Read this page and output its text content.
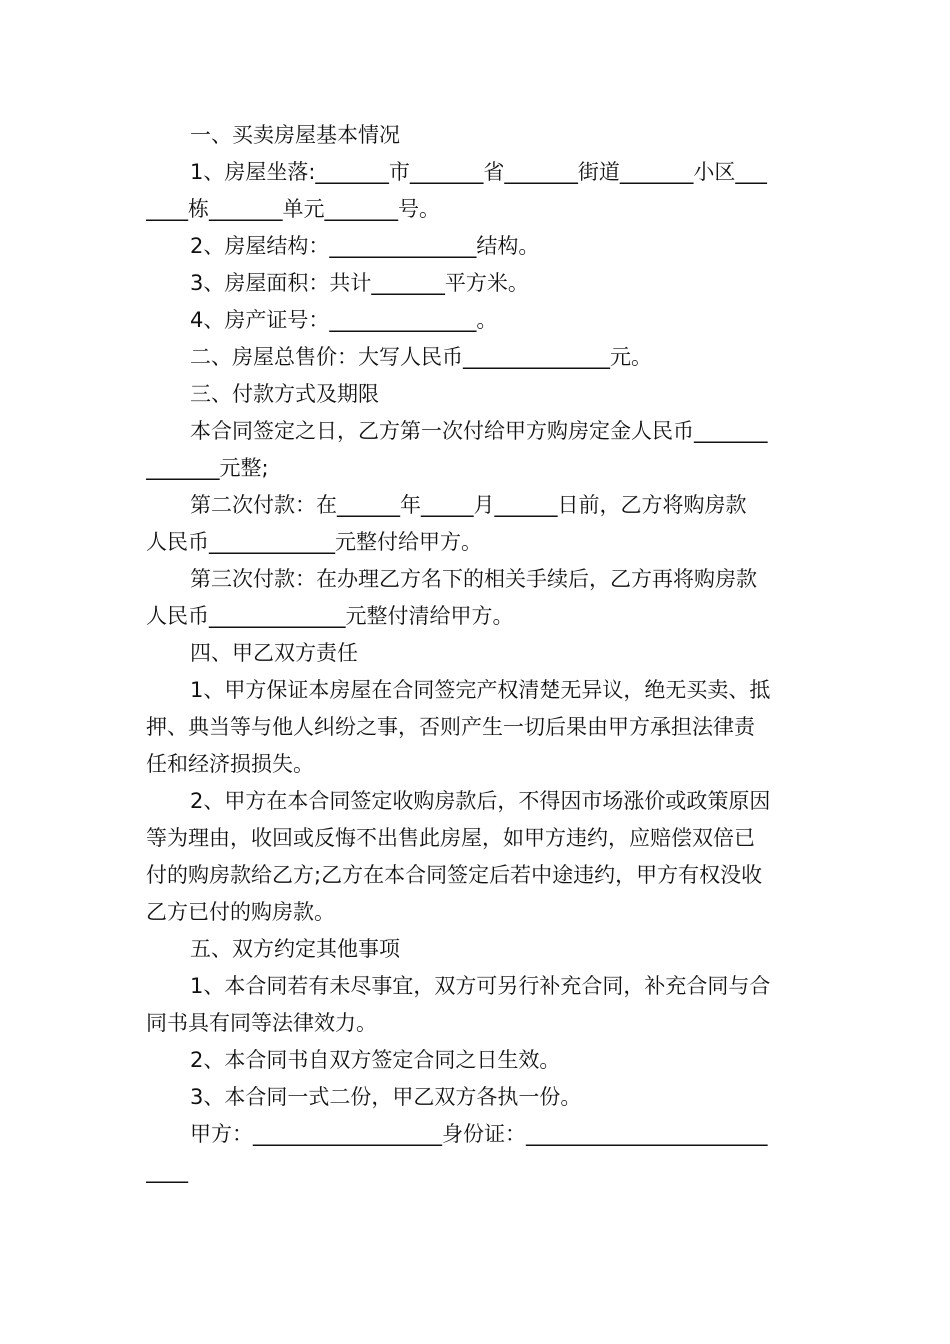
一、买卖房屋基本情况
1、房屋坐落:_______市_______省_______街道_______小区___
____栋_______单元_______号。
2、房屋结构：______________结构。
3、房屋面积：共计_______平方米。
4、房产证号：______________。
二、房屋总售价：大写人民币______________元。
三、付款方式及期限
本合同签定之日，乙方第一次付给甲方购房定金人民币_______
_______元整;
第二次付款：在______年_____月______日前，乙方将购房款
人民币____________元整付给甲方。
第三次付款：在办理乙方名下的相关手续后，乙方再将购房款
人民币_____________元整付清给甲方。
四、甲乙双方责任
1、甲方保证本房屋在合同签完产权清楚无异议，绝无买卖、抵
押、典当等与他人纠纷之事，否则产生一切后果由甲方承担法律责
任和经济损损失。
2、甲方在本合同签定收购房款后，不得因市场涨价或政策原因
等为理由，收回或反悔不出售此房屋，如甲方违约，应赔偿双倍已
付的购房款给乙方;乙方在本合同签定后若中途违约，甲方有权没收
乙方已付的购房款。
五、双方约定其他事项
1、本合同若有未尽事宜，双方可另行补充合同，补充合同与合
同书具有同等法律效力。
2、本合同书自双方签定合同之日生效。
3、本合同一式二份，甲乙双方各执一份。
甲方：__________________身份证：_______________________
____
